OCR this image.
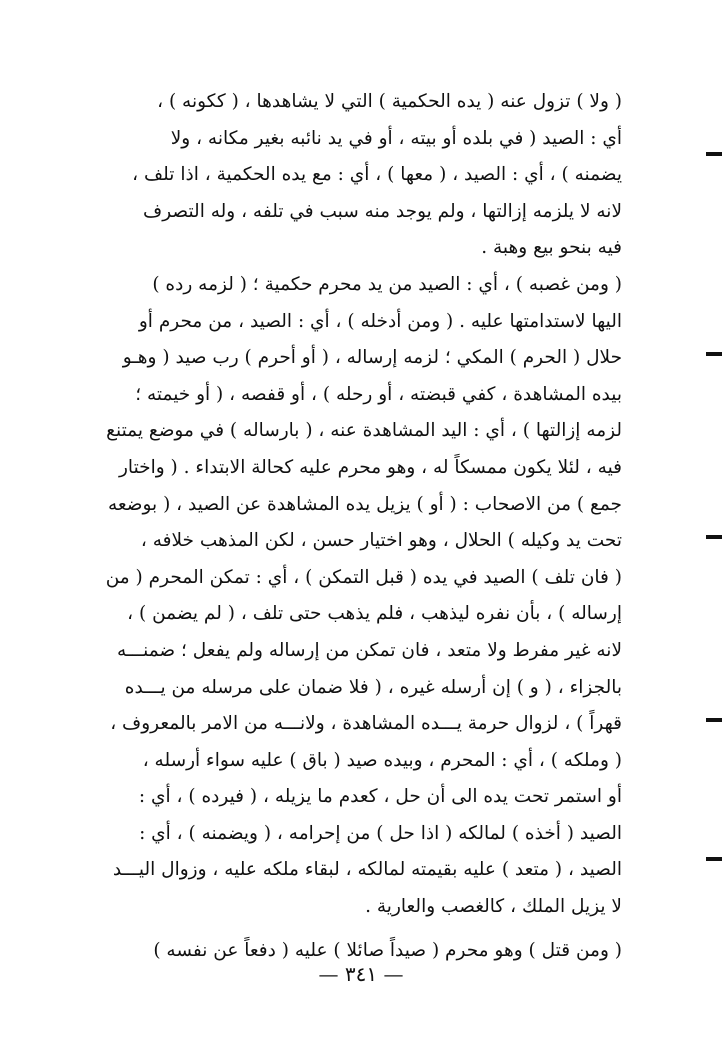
( ولا ) تزول عنه ( يده الحكمية ) التي لا يشاهدها ، ( ككونه ) ،
أي : الصيد ( في بلده أو بيته ، أو في يد نائبه بغير مكانه ، ولا
يضمنه ) ، أي : الصيد ، ( معها ) ، أي : مع يده الحكمية ، اذا تلف ،
لانه لا يلزمه إزالتها ، ولم يوجد منه سبب في تلفه ، وله التصرف
فيه بنحو بيع وهبة .
( ومن غصبه ) ، أي : الصيد من يد محرم حكمية ؛ ( لزمه رده )
اليها لاستدامتها عليه . ( ومن أدخله ) ، أي : الصيد ، من محرم أو
حلال ( الحرم ) المكي ؛ لزمه إرساله ، ( أو أحرم ) رب صيد ( وهـو
بيده المشاهدة ، كفي قبضته ، أو رحله ) ، أو قفصه ، ( أو خيمته ؛
لزمه إزالتها ) ، أي : اليد المشاهدة عنه ، ( بارساله ) في موضع يمتنع
فيه ، لئلا يكون ممسكاً له ، وهو محرم عليه كحالة الابتداء . ( واختار
جمع ) من الاصحاب : ( أو ) يزيل يده المشاهدة عن الصيد ، ( بوضعه
تحت يد وكيله ) الحلال ، وهو اختيار حسن ، لكن المذهب خلافه ،
( فان تلف ) الصيد في يده ( قبل التمكن ) ، أي : تمكن المحرم ( من
إرساله ) ، بأن نفره ليذهب ، فلم يذهب حتى تلف ، ( لم يضمن ) ،
لانه غير مفرط ولا متعد ، فان تمكن من إرساله ولم يفعل ؛ ضمنـــه
بالجزاء ، ( و ) إن أرسله غيره ، ( فلا ضمان على مرسله من يـــده
قهراً ) ، لزوال حرمة يـــده المشاهدة ، ولانـــه من الامر بالمعروف ،
( وملكه ) ، أي : المحرم ، وبيده صيد ( باق ) عليه سواء أرسله ،
أو استمر تحت يده الى أن حل ، كعدم ما يزيله ، ( فيرده ) ، أي :
الصيد ( أخذه ) لمالكه ( اذا حل ) من إحرامه ، ( ويضمنه ) ، أي :
الصيد ، ( متعد ) عليه بقيمته لمالكه ، لبقاء ملكه عليه ، وزوال اليـــد
لا يزيل الملك ، كالغصب والعارية .
( ومن قتل ) وهو محرم ( صيداً صائلا ) عليه ( دفعاً عن نفسه )
— ٣٤١ —
